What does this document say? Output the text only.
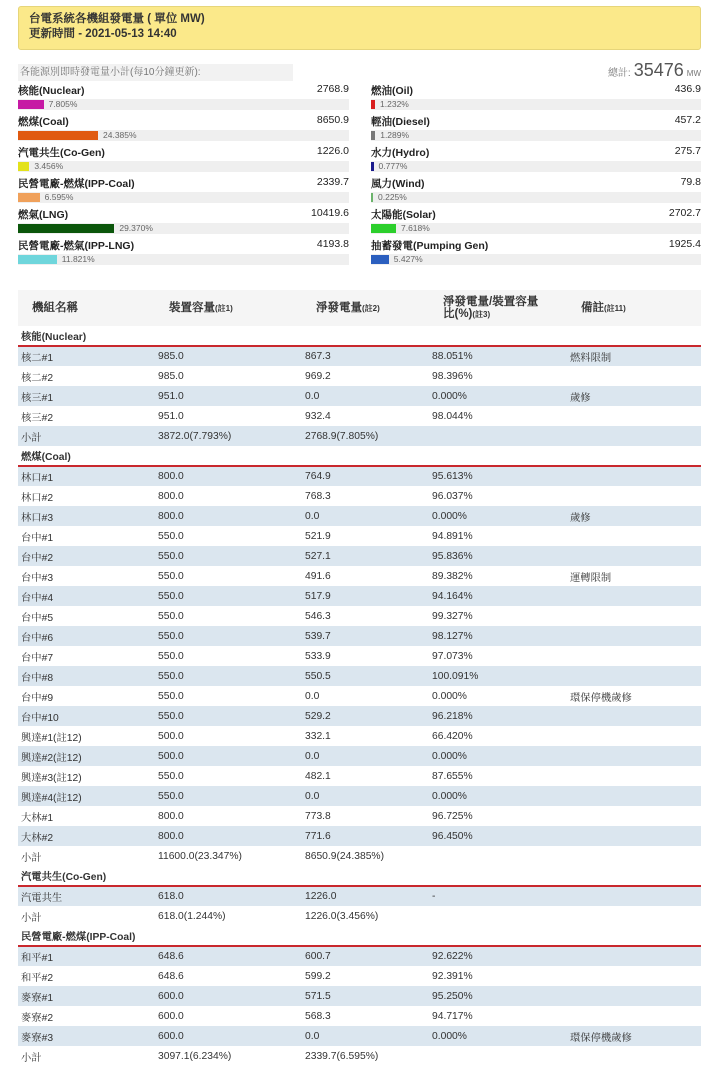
台電系統各機組發電量 ( 單位 MW)
更新時間 - 2021-05-13 14:40
各能源別即時發電量小計(每10分鐘更新):	總計: 35476 MW
核能(Nuclear)	2768.9
7.805%
燃煤(Coal)	8650.9
24.385%
汽電共生(Co-Gen)	1226.0
3.456%
民營電廠-燃煤(IPP-Coal)	2339.7
6.595%
燃氣(LNG)	10419.6
29.370%
民營電廠-燃氣(IPP-LNG)	4193.8
11.821%
燃油(Oil)	436.9
1.232%
輕油(Diesel)	457.2
1.289%
水力(Hydro)	275.7
0.777%
風力(Wind)	79.8
0.225%
太陽能(Solar)	2702.7
7.618%
抽蓄發電(Pumping Gen)	1925.4
5.427%
機組名稱	裝置容量(註1)	淨發電量(註2)	淨發電量/裝置容量
比(%)(註3)	備註(註11)
核能(Nuclear)				
核二#1	985.0	867.3	88.051%	燃料限制
核二#2	985.0	969.2	98.396%	
核三#1	951.0	0.0	0.000%	歲修
核三#2	951.0	932.4	98.044%	
小計	3872.0(7.793%)	2768.9(7.805%)		
燃煤(Coal)				
林口#1	800.0	764.9	95.613%	
林口#2	800.0	768.3	96.037%	
林口#3	800.0	0.0	0.000%	歲修
台中#1	550.0	521.9	94.891%	
台中#2	550.0	527.1	95.836%	
台中#3	550.0	491.6	89.382%	運轉限制
台中#4	550.0	517.9	94.164%	
台中#5	550.0	546.3	99.327%	
台中#6	550.0	539.7	98.127%	
台中#7	550.0	533.9	97.073%	
台中#8	550.0	550.5	100.091%	
台中#9	550.0	0.0	0.000%	環保停機歲修
台中#10	550.0	529.2	96.218%	
興達#1(註12)	500.0	332.1	66.420%	
興達#2(註12)	500.0	0.0	0.000%	
興達#3(註12)	550.0	482.1	87.655%	
興達#4(註12)	550.0	0.0	0.000%	
大林#1	800.0	773.8	96.725%	
大林#2	800.0	771.6	96.450%	
小計	11600.0(23.347%)	8650.9(24.385%)		
汽電共生(Co-Gen)				
汽電共生	618.0	1226.0	-	
小計	618.0(1.244%)	1226.0(3.456%)		
民營電廠-燃煤(IPP-Coal)				
和平#1	648.6	600.7	92.622%	
和平#2	648.6	599.2	92.391%	
麥寮#1	600.0	571.5	95.250%	
麥寮#2	600.0	568.3	94.717%	
麥寮#3	600.0	0.0	0.000%	環保停機歲修
小計	3097.1(6.234%)	2339.7(6.595%)		
